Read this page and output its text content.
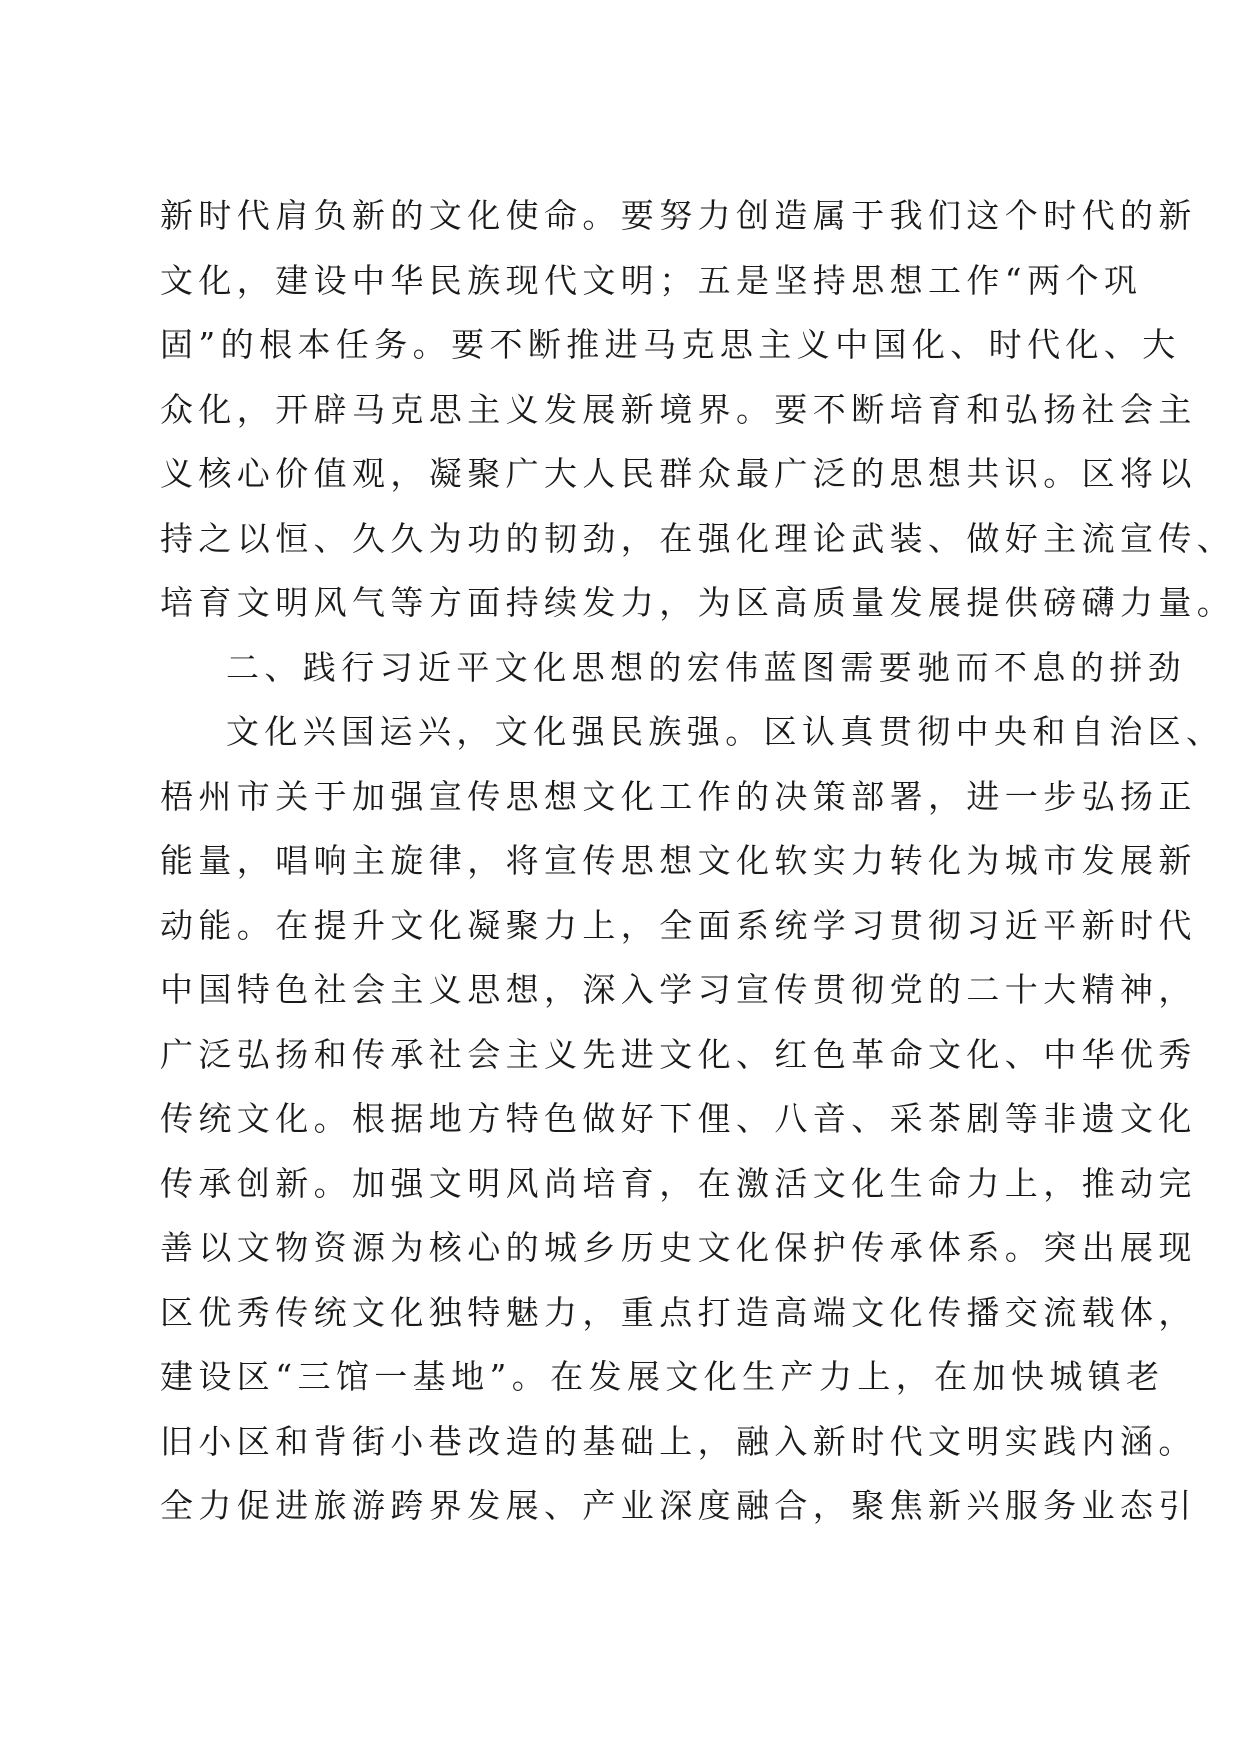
新时代肩负新的文化使命。要努力创造属于我们这个时代的新
文化，建设中华民族现代文明；五是坚持思想工作“两个巩
固”的根本任务。要不断推进马克思主义中国化、时代化、大
众化，开辟马克思主义发展新境界。要不断培育和弘扬社会主
义核心价值观，凝聚广大人民群众最广泛的思想共识。区将以
持之以恒、久久为功的韧劲，在强化理论武装、做好主流宣传、
培育文明风气等方面持续发力，为区高质量发展提供磅礴力量。
二、践行习近平文化思想的宏伟蓝图需要驰而不息的拼劲
文化兴国运兴，文化强民族强。区认真贯彻中央和自治区、
梧州市关于加强宣传思想文化工作的决策部署，进一步弘扬正
能量，唱响主旋律，将宣传思想文化软实力转化为城市发展新
动能。在提升文化凝聚力上，全面系统学习贯彻习近平新时代
中国特色社会主义思想，深入学习宣传贯彻党的二十大精神，
广泛弘扬和传承社会主义先进文化、红色革命文化、中华优秀
传统文化。根据地方特色做好下俚、八音、采茶剧等非遗文化
传承创新。加强文明风尚培育，在激活文化生命力上，推动完
善以文物资源为核心的城乡历史文化保护传承体系。突出展现
区优秀传统文化独特魅力，重点打造高端文化传播交流载体，
建设区“三馆一基地”。在发展文化生产力上，在加快城镇老
旧小区和背街小巷改造的基础上，融入新时代文明实践内涵。
全力促进旅游跨界发展、产业深度融合，聚焦新兴服务业态引
